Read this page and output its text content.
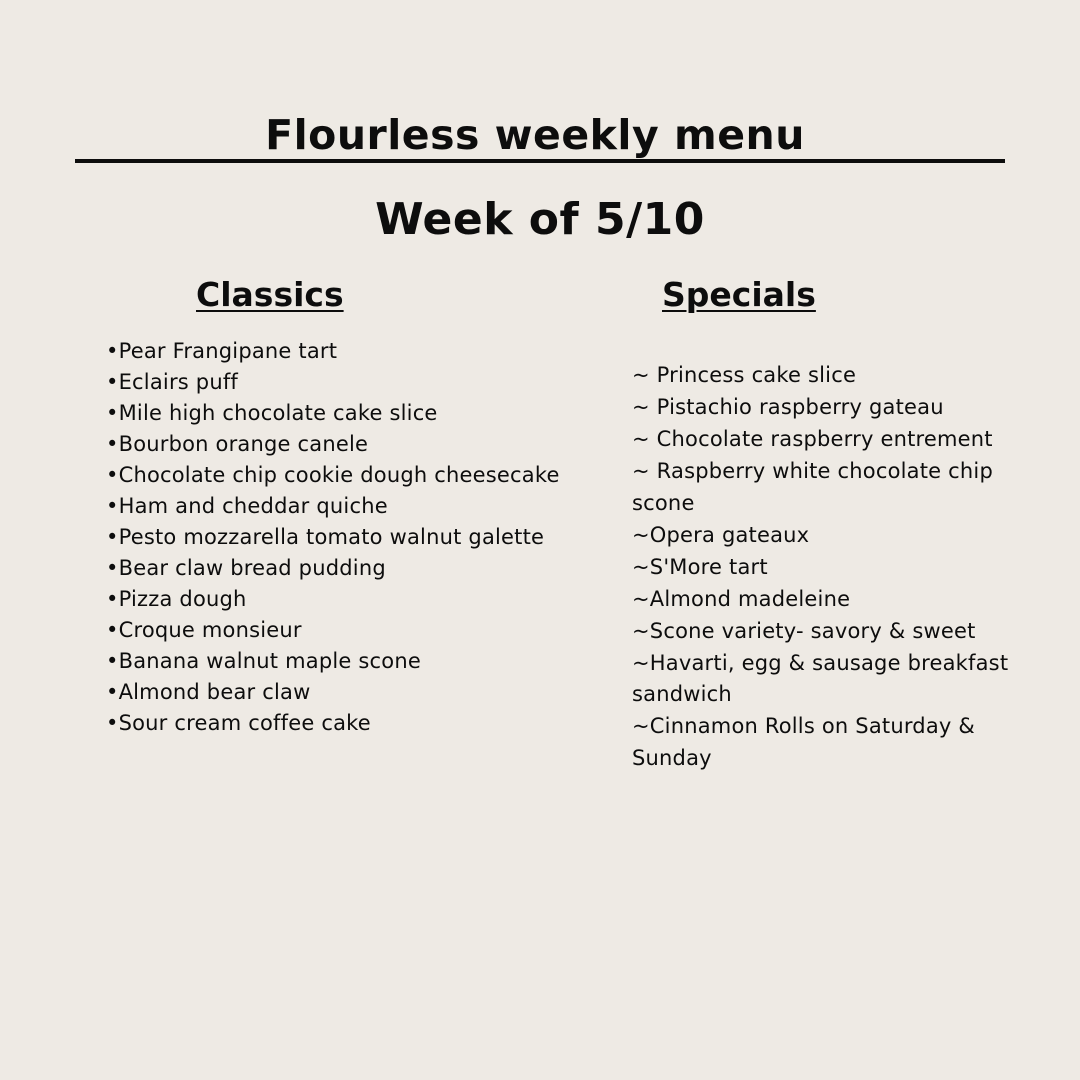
Flourless weekly menu
Week of 5/10
Classics	Specials
•Pear Frangipane tart
•Eclairs puff
•Mile high chocolate cake slice
•Bourbon orange canele
•Chocolate chip cookie dough cheesecake
•Ham and cheddar quiche
•Pesto mozzarella tomato walnut galette
•Bear claw bread pudding
•Pizza dough
•Croque monsieur
•Banana walnut maple scone
•Almond bear claw
•Sour cream coffee cake
~ Princess cake slice
~ Pistachio raspberry gateau
~ Chocolate raspberry entrement
~ Raspberry white chocolate chip scone
~Opera gateaux
~S'More tart
~Almond madeleine
~Scone variety- savory & sweet
~Havarti, egg & sausage breakfast sandwich
~Cinnamon Rolls on Saturday & Sunday
